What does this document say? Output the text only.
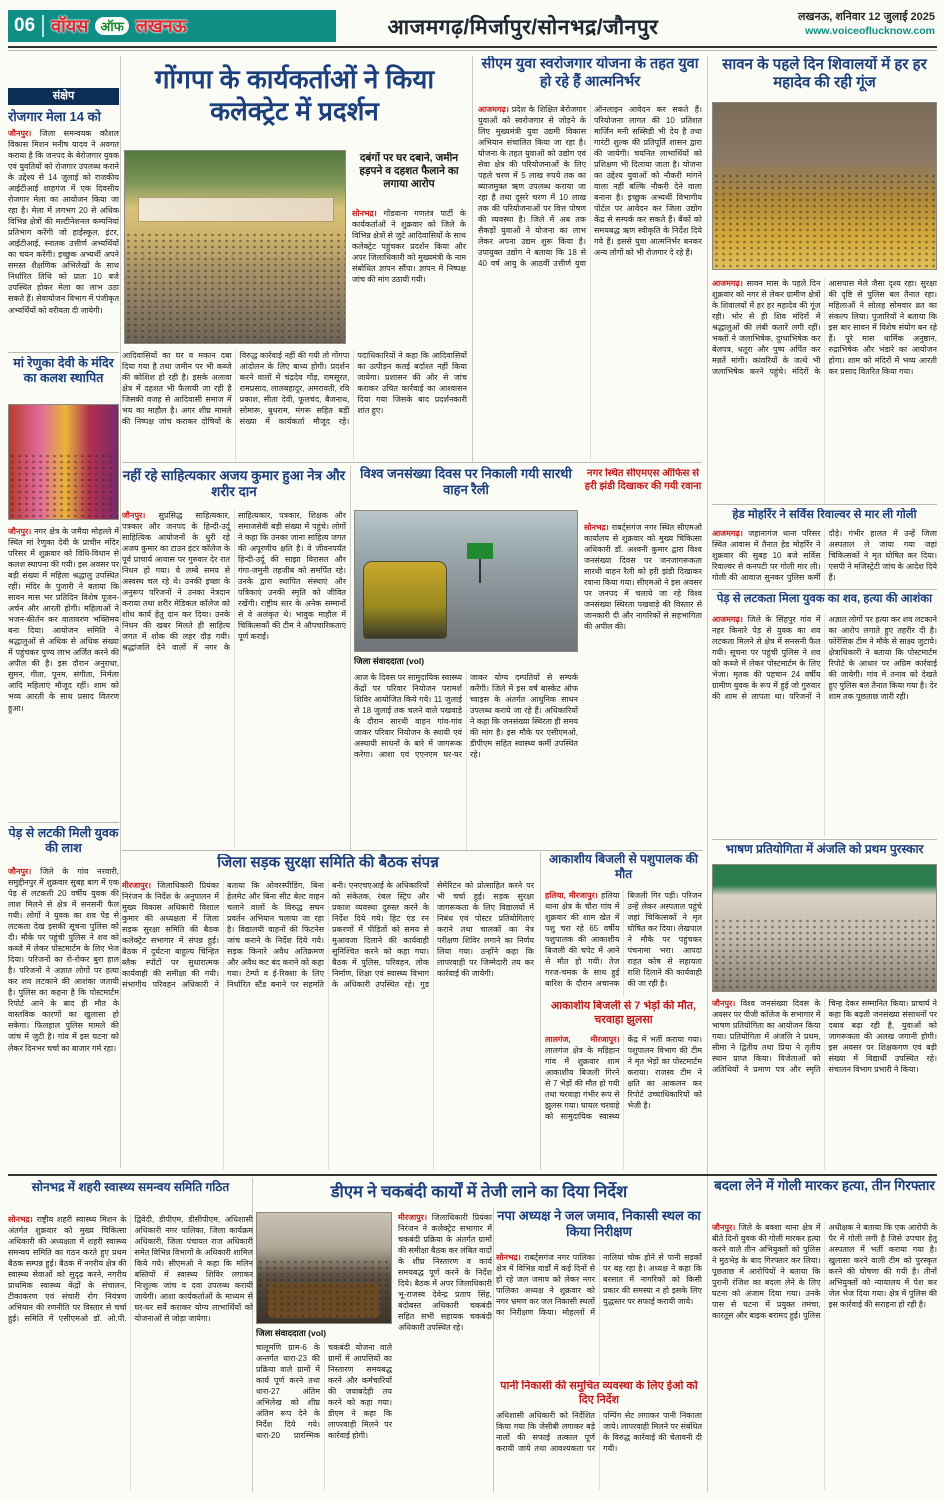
06 वॉयस ऑफ लखनऊ	आजमगढ़/मिर्जापुर/सोनभद्र/जौनपुर	लखनऊ, शनिवार 12 जुलाई 2025
www.voiceoflucknow.com
संक्षेप
रोजगार मेला 14 को

जौनपुर। जिला समन्वयक कौशल विकास मिशन मनीष यादव ने अवगत कराया है कि जनपद के बेरोजगार युवक एवं युवतियों को रोजगार उपलब्ध कराने के उद्देश्य से 14 जुलाई को राजकीय आईटीआई शाहगंज में एक दिवसीय रोजगार मेला का आयोजन किया जा रहा है। मेला में लगभग 20 से अधिक विभिन्न क्षेत्रों की मल्टीनेशनल कम्पनियां प्रतिभाग करेंगी जो हाईस्कूल, इंटर, आईटीआई, स्नातक उत्तीर्ण अभ्यर्थियों का चयन करेंगी। इच्छुक अभ्यर्थी अपने समस्त शैक्षणिक अभिलेखों के साथ निर्धारित तिथि को प्रातः 10 बजे उपस्थित होकर मेला का लाभ उठा सकते हैं। सेवायोजन विभाग में पंजीकृत अभ्यर्थियों को वरीयता दी जायेगी।

मां रेणुका देवी के मंदिर का कलश स्थापित

जौनपुर। नगर क्षेत्र के जमैया मोहल्ले में स्थित मां रेणुका देवी के प्राचीन मंदिर परिसर में शुक्रवार को विधि-विधान से कलश स्थापना की गयी। इस अवसर पर बड़ी संख्या में महिला श्रद्धालु उपस्थित रहीं। मंदिर के पुजारी ने बताया कि सावन मास भर प्रतिदिन विशेष पूजन-अर्चन और आरती होगी। महिलाओं ने भजन-कीर्तन कर वातावरण भक्तिमय बना दिया। आयोजन समिति ने श्रद्धालुओं से अधिक से अधिक संख्या में पहुंचकर पुण्य लाभ अर्जित करने की अपील की है। इस दौरान अनुराधा, सुमन, गीता, पूनम, संगीता, निर्मला आदि महिलाएं मौजूद रहीं। शाम को भव्य आरती के साथ प्रसाद वितरण हुआ।

पेड़ से लटकी मिली युवक की लाश

जौनपुर। जिले के गांव नरवारी, समुद्दीनपुर में शुक्रवार सुबह बाग में एक पेड़ से लटकती 20 वर्षीय युवक की लाश मिलने से क्षेत्र में सनसनी फैल गयी। लोगों ने युवक का शव पेड़ से लटकता देख इसकी सूचना पुलिस को दी। मौके पर पहुंची पुलिस ने शव को कब्जे में लेकर पोस्टमार्टम के लिए भेज दिया। परिजनों का रो-रोकर बुरा हाल है। परिजनों ने अज्ञात लोगों पर हत्या कर शव लटकाने की आशंका जतायी है। पुलिस का कहना है कि पोस्टमार्टम रिपोर्ट आने के बाद ही मौत के वास्तविक कारणों का खुलासा हो सकेगा। फिलहाल पुलिस मामले की जांच में जुटी है। गांव में इस घटना को लेकर दिनभर चर्चा का बाजार गर्म रहा।

सोनभद्र में शहरी स्वास्थ्य समन्वय समिति गठित

सोनभद्र। राष्ट्रीय शहरी स्वास्थ्य मिशन के अंतर्गत शुक्रवार को मुख्य चिकित्सा अधिकारी की अध्यक्षता में शहरी स्वास्थ्य समन्वय समिति का गठन करते हुए प्रथम बैठक सम्पन्न हुई। बैठक में नगरीय क्षेत्र की स्वास्थ्य सेवाओं को सुदृढ़ करने, नगरीय प्राथमिक स्वास्थ्य केंद्रों के संचालन, टीकाकरण एवं संचारी रोग नियंत्रण अभियान की रणनीति पर विस्तार से चर्चा हुई। समिति में एसीएमओ डॉ. ओ.पी. द्विवेदी, डीपीएम, डीसीपीएम, अधिशासी अधिकारी नगर पालिका, जिला कार्यक्रम अधिकारी, जिला पंचायत राज अधिकारी समेत विभिन्न विभागों के अधिकारी शामिल किये गये। सीएमओ ने कहा कि मलिन बस्तियों में स्वास्थ्य शिविर लगाकर निःशुल्क जांच व दवा उपलब्ध करायी जायेगी। आशा कार्यकर्ताओं के माध्यम से घर-घर सर्वे कराकर योग्य लाभार्थियों को योजनाओं से जोड़ा जायेगा।

गोंगपा के कार्यकर्ताओं ने किया कलेक्ट्रेट में प्रदर्शन
दबंगों पर घर दबाने, जमीन हड़पने व दहशत फैलाने का लगाया आरोप

सोनभद्र। गोंडवाना गणतंत्र पार्टी के कार्यकर्ताओं ने शुक्रवार को जिले के विभिन्न क्षेत्रों से जुटे आदिवासियों के साथ कलेक्ट्रेट पहुंचकर प्रदर्शन किया और अपर जिलाधिकारी को मुख्यमंत्री के नाम संबोधित ज्ञापन सौंपा। ज्ञापन में निष्पक्ष जांच की मांग उठायी गयी।

आदिवासियों का घर व मकान दबा दिया गया है तथा जमीन पर भी कब्जे की कोशिश हो रही है। इसके अलावा क्षेत्र में दहशत भी फैलायी जा रही है जिसकी वजह से आदिवासी समाज में भय का माहौल है। अगर शीघ्र मामले की निष्पक्ष जांच कराकर दोषियों के विरुद्ध कार्रवाई नहीं की गयी तो गोंगपा आंदोलन के लिए बाध्य होगी। प्रदर्शन करने वालों में चंद्रदेव गोंड़, रामसूरत, रामप्रसाद, लालबहादुर, अमरावती, रवि प्रकाश, सीता देवी, फूलचंद, बैजनाथ, सोमारू, बुधराम, मंगरू सहित बड़ी संख्या में कार्यकर्ता मौजूद रहे। पदाधिकारियों ने कहा कि आदिवासियों का उत्पीड़न कतई बर्दाश्त नहीं किया जायेगा। प्रशासन की ओर से जांच कराकर उचित कार्रवाई का आश्वासन दिया गया जिसके बाद प्रदर्शनकारी शांत हुए।

नहीं रहे साहित्यकार अजय कुमार हुआ नेत्र और शरीर दान

जौनपुर। सुप्रसिद्ध साहित्यकार, पत्रकार और जनपद के हिन्दी-उर्दू साहित्यिक आयोजनों के धुरी रहे अजय कुमार का टाउन इंटर कॉलेज के पूर्व प्राचार्य आवास पर गुरुवार देर रात निधन हो गया। वे लम्बे समय से अस्वस्थ चल रहे थे। उनकी इच्छा के अनुरूप परिजनों ने उनका नेत्रदान कराया तथा शरीर मेडिकल कॉलेज को शोध कार्य हेतु दान कर दिया। उनके निधन की खबर मिलते ही साहित्य जगत में शोक की लहर दौड़ गयी। श्रद्धांजलि देने वालों में नगर के साहित्यकार, पत्रकार, शिक्षक और समाजसेवी बड़ी संख्या में पहुंचे। लोगों ने कहा कि उनका जाना साहित्य जगत की अपूरणीय क्षति है। वे जीवनपर्यंत हिन्दी-उर्दू की साझा विरासत और गंगा-जमुनी तहजीब को समर्पित रहे। उनके द्वारा स्थापित संस्थाएं और पत्रिकाएं उनकी स्मृति को जीवित रखेंगी। राष्ट्रीय स्तर के अनेक सम्मानों से वे अलंकृत थे। भावुक माहौल में चिकित्सकों की टीम ने औपचारिकताएं पूर्ण कराईं।

विश्व जनसंख्या दिवस पर निकाली गयी सारथी वाहन रैली
नगर स्थित सीएमएस ऑफिस से हरी झंडी दिखाकर की गयी रवाना
जिला संवाददाता (vol)

सोनभद्र। राबर्ट्सगंज नगर स्थित सीएमओ कार्यालय से शुक्रवार को मुख्य चिकित्सा अधिकारी डॉ. अश्वनी कुमार द्वारा विश्व जनसंख्या दिवस पर जनजागरूकता सारथी वाहन रैली को हरी झंडी दिखाकर रवाना किया गया। सीएमओ ने इस अवसर पर जनपद में चलाये जा रहे विश्व जनसंख्या स्थिरता पखवाड़े की विस्तार से जानकारी दी और नागरिकों से सहभागिता की अपील की।

आज के दिवस पर सामुदायिक स्वास्थ्य केंद्रों पर परिवार नियोजन परामर्श शिविर आयोजित किये गये। 11 जुलाई से 18 जुलाई तक चलने वाले पखवाड़े के दौरान सारथी वाहन गांव-गांव जाकर परिवार नियोजन के स्थायी एवं अस्थायी साधनों के बारे में जागरूक करेगा। आशा एवं एएनएम घर-घर जाकर योग्य दम्पतियों से सम्पर्क करेंगी। जिले में इस वर्ष बास्केट ऑफ च्वाइस के अंतर्गत आधुनिक साधन उपलब्ध कराये जा रहे हैं। अधिकारियों ने कहा कि जनसंख्या स्थिरता ही समय की मांग है। इस मौके पर एसीएमओ, डीपीएम सहित स्वास्थ्य कर्मी उपस्थित रहे।

सीएम युवा स्वरोजगार योजना के तहत युवा हो रहे हैं आत्मनिर्भर

आजमगढ़। प्रदेश के शिक्षित बेरोजगार युवाओं को स्वरोजगार से जोड़ने के लिए मुख्यमंत्री युवा उद्यमी विकास अभियान संचालित किया जा रहा है। योजना के तहत युवाओं को उद्योग एवं सेवा क्षेत्र की परियोजनाओं के लिए पहले चरण में 5 लाख रुपये तक का ब्याजमुक्त ऋण उपलब्ध कराया जा रहा है तथा दूसरे चरण में 10 लाख तक की परियोजनाओं पर वित्त पोषण की व्यवस्था है। जिले में अब तक सैकड़ों युवाओं ने योजना का लाभ लेकर अपना उद्यम शुरू किया है। उपायुक्त उद्योग ने बताया कि 18 से 40 वर्ष आयु के आठवीं उत्तीर्ण युवा ऑनलाइन आवेदन कर सकते हैं। परियोजना लागत की 10 प्रतिशत मार्जिन मनी सब्सिडी भी देय है तथा गारंटी शुल्क की प्रतिपूर्ति शासन द्वारा की जायेगी। चयनित लाभार्थियों को प्रशिक्षण भी दिलाया जाता है। योजना का उद्देश्य युवाओं को नौकरी मांगने वाला नहीं बल्कि नौकरी देने वाला बनाना है। इच्छुक अभ्यर्थी विभागीय पोर्टल पर आवेदन कर जिला उद्योग केंद्र से सम्पर्क कर सकते हैं। बैंकों को समयबद्ध ऋण स्वीकृति के निर्देश दिये गये हैं। इससे युवा आत्मनिर्भर बनकर अन्य लोगों को भी रोजगार दे रहे हैं।

जिला सड़क सुरक्षा समिति की बैठक संपन्न

मीरजापुर। जिलाधिकारी प्रियंका निरंजन के निर्देश के अनुपालन में मुख्य विकास अधिकारी विशाल कुमार की अध्यक्षता में जिला सड़क सुरक्षा समिति की बैठक कलेक्ट्रेट सभागार में संपन्न हुई। बैठक में दुर्घटना बाहुल्य चिन्हित ब्लैक स्पॉटों पर सुधारात्मक कार्यवाही की समीक्षा की गयी। संभागीय परिवहन अधिकारी ने बताया कि ओवरस्पीडिंग, बिना हेलमेट और बिना सीट बेल्ट वाहन चलाने वालों के विरुद्ध सघन प्रवर्तन अभियान चलाया जा रहा है। विद्यालयी वाहनों की फिटनेस जांच कराने के निर्देश दिये गये। सड़क किनारे अवैध अतिक्रमण और अवैध कट बंद कराने को कहा गया। टेम्पो व ई-रिक्शा के लिए निर्धारित स्टैंड बनाने पर सहमति बनी। एनएचएआई के अधिकारियों को संकेतक, रंबल स्ट्रिप और प्रकाश व्यवस्था दुरुस्त करने के निर्देश दिये गये। हिट एंड रन प्रकरणों में पीड़ितों को समय से मुआवजा दिलाने की कार्यवाही सुनिश्चित करने को कहा गया। बैठक में पुलिस, परिवहन, लोक निर्माण, शिक्षा एवं स्वास्थ्य विभाग के अधिकारी उपस्थित रहे। गुड सेमेरिटन को प्रोत्साहित करने पर भी चर्चा हुई। सड़क सुरक्षा जागरूकता के लिए विद्यालयों में निबंध एवं पोस्टर प्रतियोगिताएं कराने तथा चालकों का नेत्र परीक्षण शिविर लगाने का निर्णय लिया गया। उन्होंने कहा कि लापरवाही पर जिम्मेदारी तय कर कार्रवाई की जायेगी।

आकाशीय बिजली से पशुपालक की मौत

हलिया, मीरजापुर। हलिया थाना क्षेत्र के चौरा गांव में शुक्रवार की शाम खेत में पशु चरा रहे 65 वर्षीय पशुपालक की आकाशीय बिजली की चपेट में आने से मौत हो गयी। तेज गरज-चमक के साथ हुई बारिश के दौरान अचानक बिजली गिर पड़ी। परिजन उन्हें लेकर अस्पताल पहुंचे जहां चिकित्सकों ने मृत घोषित कर दिया। लेखपाल ने मौके पर पहुंचकर पंचनामा भरा। आपदा राहत कोष से सहायता राशि दिलाने की कार्यवाही की जा रही है।

आकाशीय बिजली से 7 भेड़ों की मौत, चरवाहा झुलसा

लालगंज, मीरजापुर। लालगंज क्षेत्र के मड़िहान गांव में शुक्रवार शाम आकाशीय बिजली गिरने से 7 भेड़ों की मौत हो गयी तथा चरवाहा गंभीर रूप से झुलस गया। घायल चरवाहे को सामुदायिक स्वास्थ्य केंद्र में भर्ती कराया गया। पशुपालन विभाग की टीम ने मृत भेड़ों का पोस्टमार्टम कराया। राजस्व टीम ने क्षति का आकलन कर रिपोर्ट उच्चाधिकारियों को भेजी है।

डीएम ने चकबंदी कार्यों में तेजी लाने का दिया निर्देश
जिला संवाददाता (vol)

मीरजापुर। जिलाधिकारी प्रियंका निरंजन ने कलेक्ट्रेट सभागार में चकबंदी प्रक्रिया के अंतर्गत ग्रामों की समीक्षा बैठक कर लंबित वादों के शीघ्र निस्तारण व कार्य समयबद्ध पूर्ण करने के निर्देश दिये। बैठक में अपर जिलाधिकारी भू-राजस्व देवेन्द्र प्रताप सिंह, बंदोबस्त अधिकारी चकबंदी सहित सभी सहायक चकबंदी अधिकारी उपस्थित रहे।

चालूमणि ग्राम-6 के अन्तर्गत धारा-23 की प्रक्रिया वाले ग्रामों में कार्य पूर्ण करने तथा धारा-27 अंतिम अभिलेख को शीघ्र अंतिम रूप देने के निर्देश दिये गये। धारा-20 प्रारम्भिक चकबंदी योजना वाले ग्रामों में आपत्तियों का निस्तारण समयबद्ध करने और कर्मचारियों की जवाबदेही तय करने को कहा गया। डीएम ने कहा कि लापरवाही मिलने पर कार्रवाई होगी।

नपा अध्यक्ष ने जल जमाव, निकासी स्थल का किया निरीक्षण

सोनभद्र। राबर्ट्सगंज नगर पालिका क्षेत्र में विभिन्न वार्डों में कई दिनों से हो रहे जल जमाव को लेकर नगर पालिका अध्यक्ष ने शुक्रवार को नगर भ्रमण कर जल निकासी स्थलों का निरीक्षण किया। मोहल्लों में नालियां चोक होने से पानी सड़कों पर बह रहा है। अध्यक्ष ने कहा कि बरसात में नागरिकों को किसी प्रकार की समस्या न हो इसके लिए युद्धस्तर पर सफाई करायी जाये।

पानी निकासी की समुचित व्यवस्था के लिए ईओ को दिए निर्देश

अधिशासी अधिकारी को निर्देशित किया गया कि जेसीबी लगाकर बड़े नालों की सफाई तत्काल पूर्ण करायी जाये तथा आवश्यकता पर पम्पिंग सेट लगाकर पानी निकाला जाये। लापरवाही मिलने पर संबंधित के विरुद्ध कार्रवाई की चेतावनी दी गयी।

सावन के पहले दिन शिवालयों में हर हर महादेव की रही गूंज

आजमगढ़। सावन मास के पहले दिन शुक्रवार को नगर से लेकर ग्रामीण क्षेत्रों के शिवालयों में हर हर महादेव की गूंज रही। भोर से ही शिव मंदिरों में श्रद्धालुओं की लंबी कतारें लगी रहीं। भक्तों ने जलाभिषेक, दुग्धाभिषेक कर बेलपत्र, धतूरा और पुष्प अर्पित कर मन्नतें मांगी। कांवरियों के जत्थे भी जलाभिषेक करने पहुंचे। मंदिरों के आसपास मेले जैसा दृश्य रहा। सुरक्षा की दृष्टि से पुलिस बल तैनात रहा। महिलाओं ने सोलह सोमवार व्रत का संकल्प लिया। पुजारियों ने बताया कि इस बार सावन में विशेष संयोग बन रहे हैं। पूरे मास धार्मिक अनुष्ठान, रुद्राभिषेक और भंडारे का आयोजन होगा। शाम को मंदिरों में भव्य आरती कर प्रसाद वितरित किया गया।

हेड मोहर्रिर ने सर्विस रिवाल्वर से मार ली गोली

आजमगढ़। जहानागंज थाना परिसर स्थित आवास में तैनात हेड मोहर्रिर ने शुक्रवार की सुबह 10 बजे सर्विस रिवाल्वर से कनपटी पर गोली मार ली। गोली की आवाज सुनकर पुलिस कर्मी दौड़े। गंभीर हालत में उन्हें जिला अस्पताल ले जाया गया जहां चिकित्सकों ने मृत घोषित कर दिया। एसपी ने मजिस्ट्रेटी जांच के आदेश दिये हैं।

पेड़ से लटकता मिला युवक का शव, हत्या की आशंका

आजमगढ़। जिले के सिंहपुर गांव में नहर किनारे पेड़ से युवक का शव लटकता मिलने से क्षेत्र में सनसनी फैल गयी। सूचना पर पहुंची पुलिस ने शव को कब्जे में लेकर पोस्टमार्टम के लिए भेजा। मृतक की पहचान 24 वर्षीय ग्रामीण युवक के रूप में हुई जो गुरुवार की शाम से लापता था। परिजनों ने अज्ञात लोगों पर हत्या कर शव लटकाने का आरोप लगाते हुए तहरीर दी है। फोरेंसिक टीम ने मौके से साक्ष्य जुटाये। क्षेत्राधिकारी ने बताया कि पोस्टमार्टम रिपोर्ट के आधार पर अग्रिम कार्रवाई की जायेगी। गांव में तनाव को देखते हुए पुलिस बल तैनात किया गया है। देर शाम तक पूछताछ जारी रही।

भाषण प्रतियोगिता में अंजलि को प्रथम पुरस्कार

जौनपुर। विश्व जनसंख्या दिवस के अवसर पर पीजी कॉलेज के सभागार में भाषण प्रतियोगिता का आयोजन किया गया। प्रतियोगिता में अंजलि ने प्रथम, सीमा ने द्वितीय तथा प्रिया ने तृतीय स्थान प्राप्त किया। विजेताओं को अतिथियों ने प्रमाण पत्र और स्मृति चिन्ह देकर सम्मानित किया। प्राचार्य ने कहा कि बढ़ती जनसंख्या संसाधनों पर दबाव बढ़ा रही है, युवाओं को जागरूकता की अलख जगानी होगी। इस अवसर पर शिक्षकगण एवं बड़ी संख्या में विद्यार्थी उपस्थित रहे। संचालन विभाग प्रभारी ने किया।

बदला लेने में गोली मारकर हत्या, तीन गिरफ्तार

जौनपुर। जिले के बक्शा थाना क्षेत्र में बीते दिनों युवक की गोली मारकर हत्या करने वाले तीन अभियुक्तों को पुलिस ने मुठभेड़ के बाद गिरफ्तार कर लिया। पूछताछ में आरोपियों ने बताया कि पुरानी रंजिश का बदला लेने के लिए घटना को अंजाम दिया गया। उनके पास से घटना में प्रयुक्त तमंचा, कारतूस और बाइक बरामद हुई। पुलिस अधीक्षक ने बताया कि एक आरोपी के पैर में गोली लगी है जिसे उपचार हेतु अस्पताल में भर्ती कराया गया है। खुलासा करने वाली टीम को पुरस्कृत करने की घोषणा की गयी है। तीनों अभियुक्तों को न्यायालय में पेश कर जेल भेज दिया गया। क्षेत्र में पुलिस की इस कार्रवाई की सराहना हो रही है।
